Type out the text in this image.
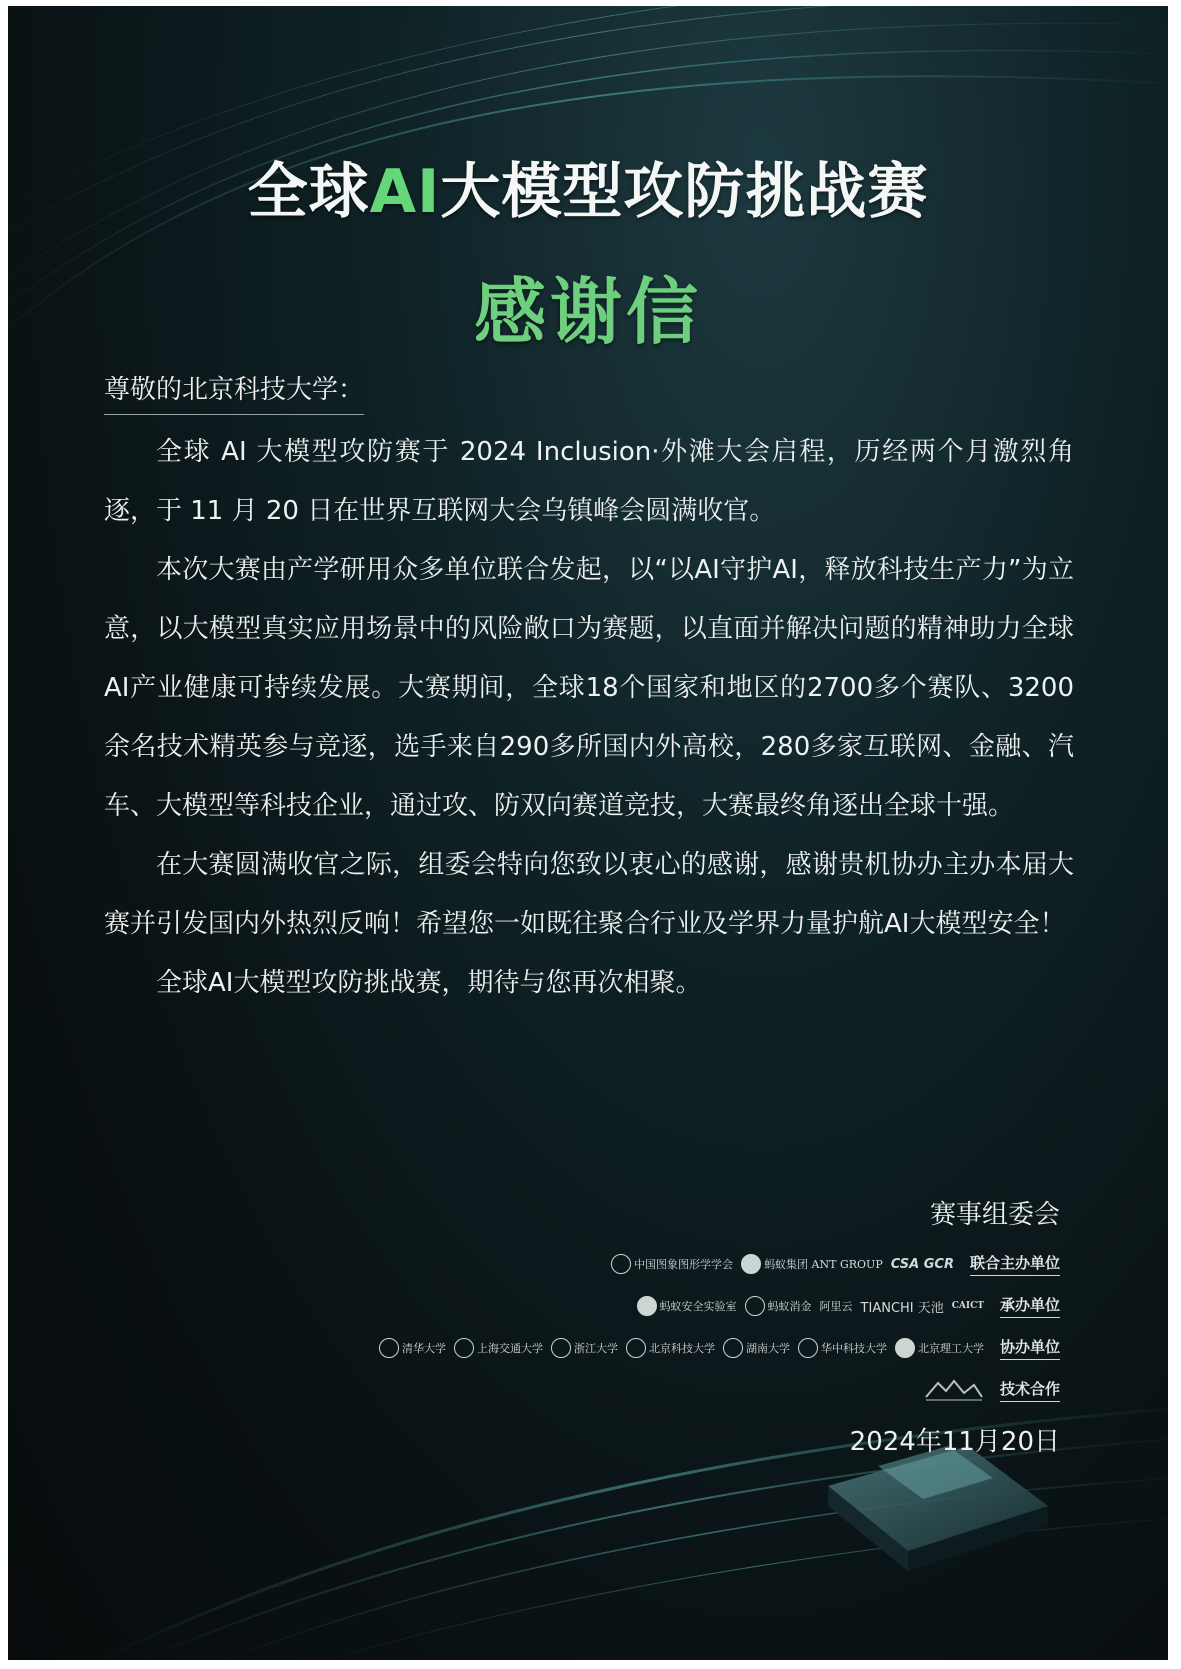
全球AI大模型攻防挑战赛
感谢信
尊敬的北京科技大学：

全球 AI 大模型攻防赛于 2024 Inclusion·外滩大会启程，历经两个月激烈角逐，于 11 月 20 日在世界互联网大会乌镇峰会圆满收官。

本次大赛由产学研用众多单位联合发起，以“以AI守护AI，释放科技生产力”为立意，以大模型真实应用场景中的风险敞口为赛题，以直面并解决问题的精神助力全球AI产业健康可持续发展。大赛期间，全球18个国家和地区的2700多个赛队、3200余名技术精英参与竞逐，选手来自290多所国内外高校，280多家互联网、金融、汽车、大模型等科技企业，通过攻、防双向赛道竞技，大赛最终角逐出全球十强。

在大赛圆满收官之际，组委会特向您致以衷心的感谢，感谢贵机协办主办本届大赛并引发国内外热烈反响！希望您一如既往聚合行业及学界力量护航AI大模型安全！

全球AI大模型攻防挑战赛，期待与您再次相聚。

赛事组委会
中国图象图形学学会	蚂蚁集团 ANT GROUP CSA GCR 联合主办单位
蚂蚁安全实验室	蚂蚁消金 阿里云 TIANCHI 天池 CAICT 承办单位
清华大学	上海交通大学	浙江大学	北京科技大学	湖南大学	华中科技大学	北京理工大学 协办单位
技术合作
2024年11月20日
